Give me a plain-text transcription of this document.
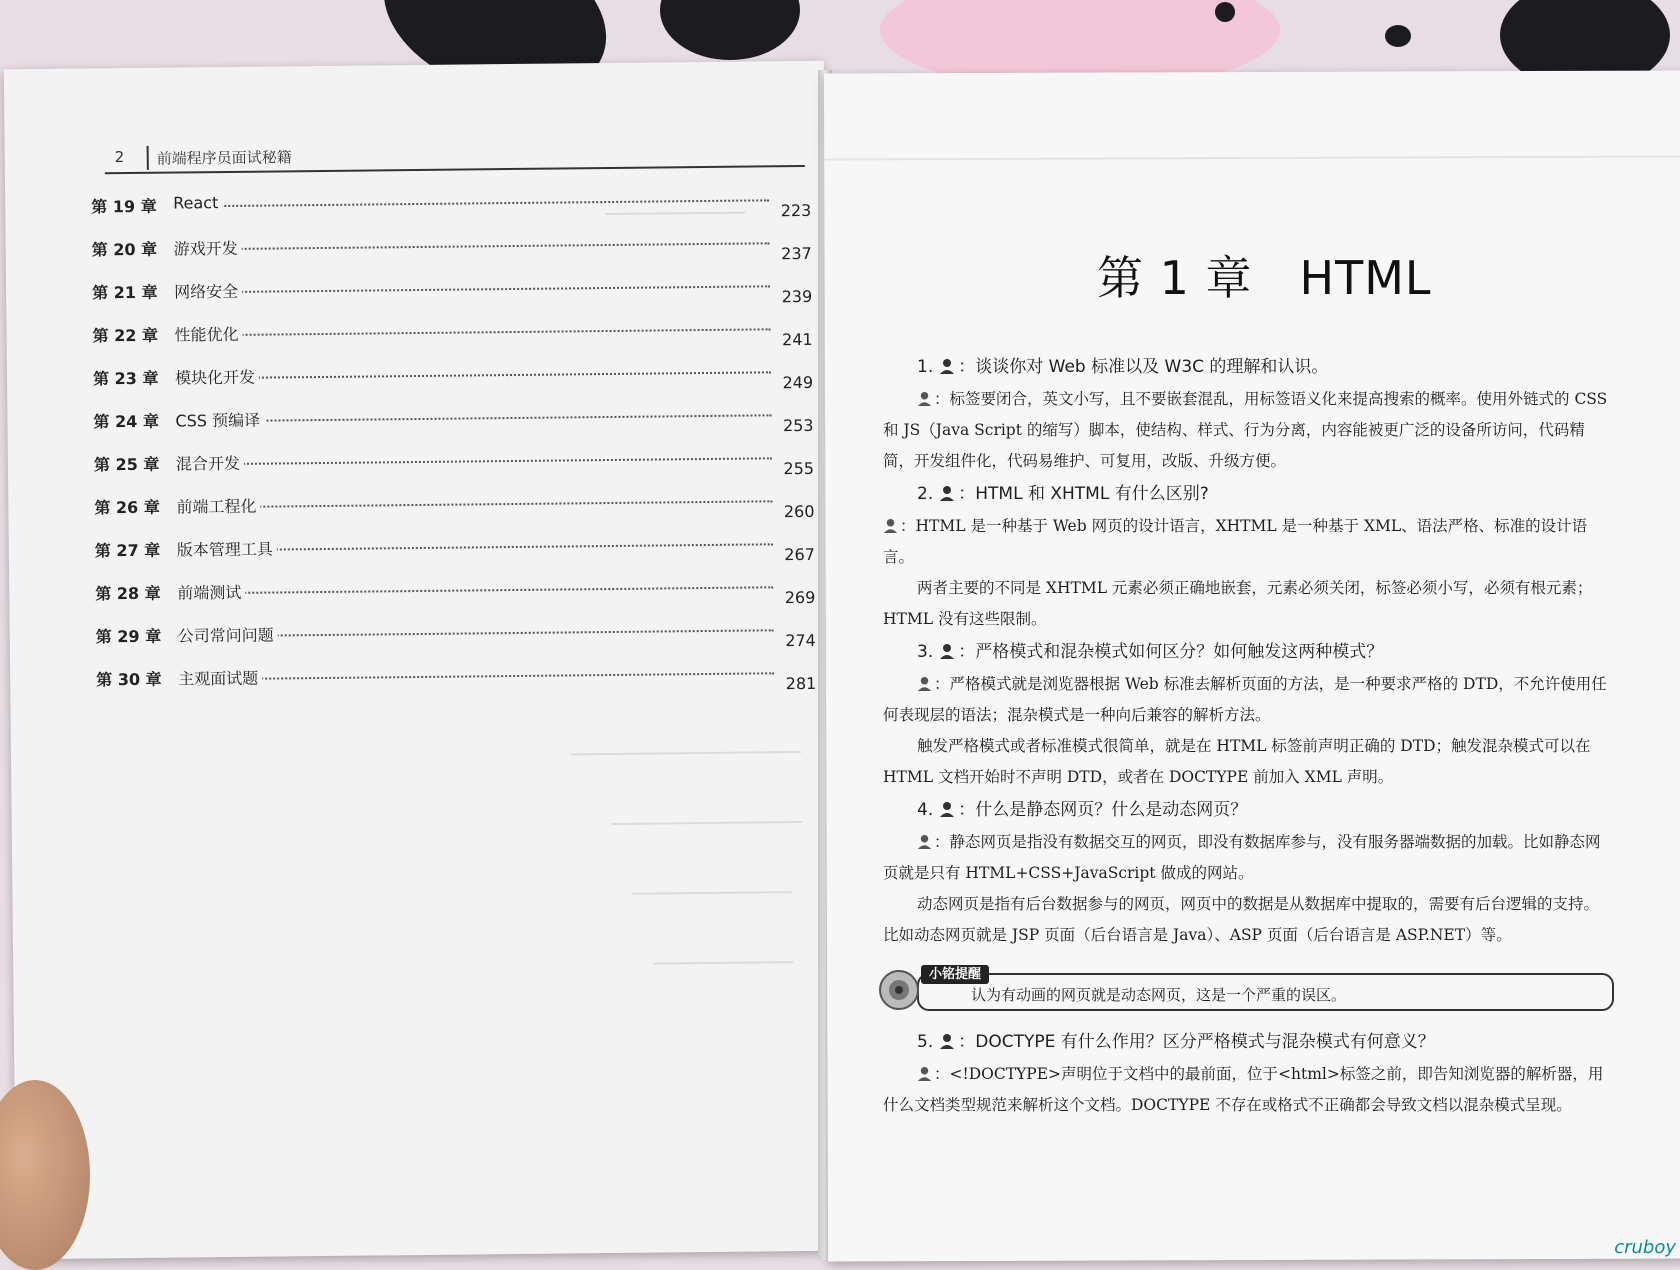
2 前端程序员面试秘籍
第 19 章	React	223
第 20 章	游戏开发	237
第 21 章	网络安全	239
第 22 章	性能优化	241
第 23 章	模块化开发	249
第 24 章	CSS 预编译	253
第 25 章	混合开发	255
第 26 章	前端工程化	260
第 27 章	版本管理工具	267
第 28 章	前端测试	269
第 29 章	公司常问问题	274
第 30 章	主观面试题	281
第 1 章　HTML
1. ：谈谈你对 Web 标准以及 W3C 的理解和认识。

：标签要闭合，英文小写，且不要嵌套混乱，用标签语义化来提高搜索的概率。使用外链式的 CSS 和 JS（Java Script 的缩写）脚本，使结构、样式、行为分离，内容能被更广泛的设备所访问，代码精简，开发组件化，代码易维护、可复用，改版、升级方便。

2. ：HTML 和 XHTML 有什么区别?

：HTML 是一种基于 Web 网页的设计语言，XHTML 是一种基于 XML、语法严格、标准的设计语言。

两者主要的不同是 XHTML 元素必须正确地嵌套，元素必须关闭，标签必须小写，必须有根元素；HTML 没有这些限制。

3. ：严格模式和混杂模式如何区分？如何触发这两种模式？

：严格模式就是浏览器根据 Web 标准去解析页面的方法，是一种要求严格的 DTD，不允许使用任何表现层的语法；混杂模式是一种向后兼容的解析方法。

触发严格模式或者标准模式很简单，就是在 HTML 标签前声明正确的 DTD；触发混杂模式可以在 HTML 文档开始时不声明 DTD，或者在 DOCTYPE 前加入 XML 声明。

4. ：什么是静态网页？什么是动态网页？

：静态网页是指没有数据交互的网页，即没有数据库参与，没有服务器端数据的加载。比如静态网页就是只有 HTML+CSS+JavaScript 做成的网站。

动态网页是指有后台数据参与的网页，网页中的数据是从数据库中提取的，需要有后台逻辑的支持。比如动态网页就是 JSP 页面（后台语言是 Java）、ASP 页面（后台语言是 ASP.NET）等。

小铭提醒
认为有动画的网页就是动态网页，这是一个严重的误区。
5. ：DOCTYPE 有什么作用？区分严格模式与混杂模式有何意义？

：<!DOCTYPE>声明位于文档中的最前面，位于<html>标签之前，即告知浏览器的解析器，用什么文档类型规范来解析这个文档。DOCTYPE 不存在或格式不正确都会导致文档以混杂模式呈现。

cruboy
